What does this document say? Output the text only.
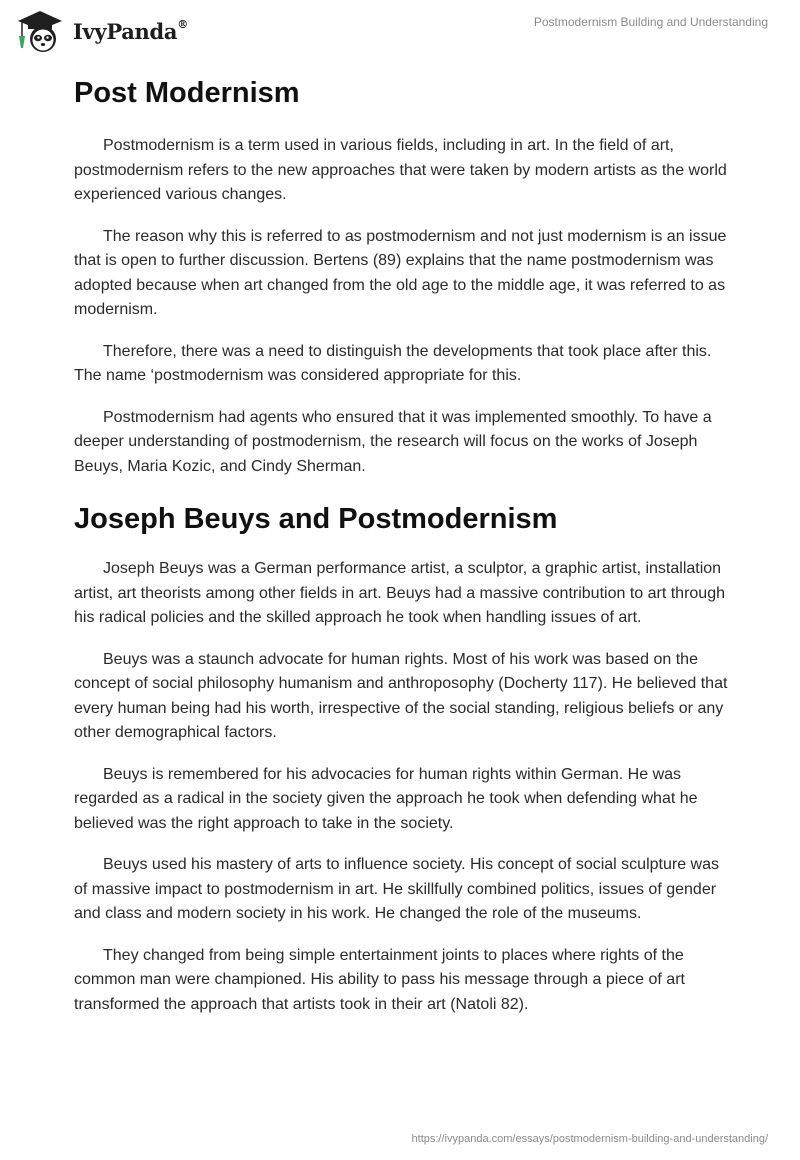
IvyPanda®	Postmodernism Building and Understanding
Post Modernism

Postmodernism is a term used in various fields, including in art. In the field of art, postmodernism refers to the new approaches that were taken by modern artists as the world experienced various changes.

The reason why this is referred to as postmodernism and not just modernism is an issue that is open to further discussion. Bertens (89) explains that the name postmodernism was adopted because when art changed from the old age to the middle age, it was referred to as modernism.

Therefore, there was a need to distinguish the developments that took place after this. The name ‘postmodernism was considered appropriate for this.

Postmodernism had agents who ensured that it was implemented smoothly. To have a deeper understanding of postmodernism, the research will focus on the works of Joseph Beuys, Maria Kozic, and Cindy Sherman.

Joseph Beuys and Postmodernism

Joseph Beuys was a German performance artist, a sculptor, a graphic artist, installation artist, art theorists among other fields in art. Beuys had a massive contribution to art through his radical policies and the skilled approach he took when handling issues of art.

Beuys was a staunch advocate for human rights. Most of his work was based on the concept of social philosophy humanism and anthroposophy (Docherty 117). He believed that every human being had his worth, irrespective of the social standing, religious beliefs or any other demographical factors.

Beuys is remembered for his advocacies for human rights within German. He was regarded as a radical in the society given the approach he took when defending what he believed was the right approach to take in the society.

Beuys used his mastery of arts to influence society. His concept of social sculpture was of massive impact to postmodernism in art. He skillfully combined politics, issues of gender and class and modern society in his work. He changed the role of the museums.

They changed from being simple entertainment joints to places where rights of the common man were championed. His ability to pass his message through a piece of art transformed the approach that artists took in their art (Natoli 82).

https://ivypanda.com/essays/postmodernism-building-and-understanding/
